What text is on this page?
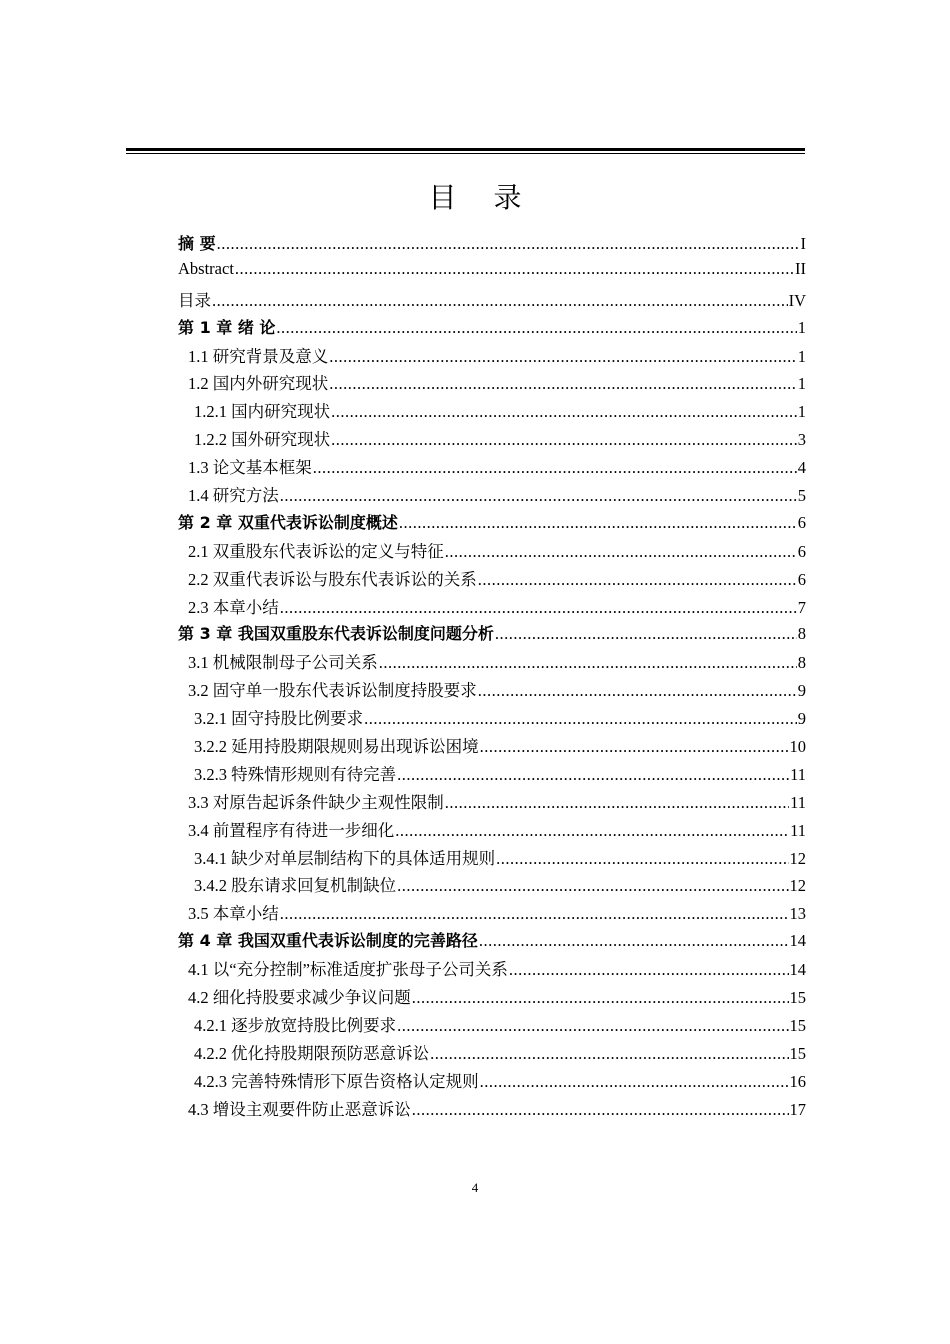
目 录
摘 要 .....	I
Abstract .....	II
目录 .....	IV
第 1 章 绪 论 .....	1
1.1 研究背景及意义 .....	1
1.2 国内外研究现状 .....	1
1.2.1 国内研究现状 .....	1
1.2.2 国外研究现状 .....	3
1.3 论文基本框架 .....	4
1.4 研究方法 .....	5
第 2 章 双重代表诉讼制度概述 .....	6
2.1 双重股东代表诉讼的定义与特征 .....	6
2.2 双重代表诉讼与股东代表诉讼的关系 .....	6
2.3 本章小结 .....	7
第 3 章 我国双重股东代表诉讼制度问题分析 .....	8
3.1 机械限制母子公司关系 .....	8
3.2 固守单一股东代表诉讼制度持股要求 .....	9
3.2.1 固守持股比例要求 .....	9
3.2.2 延用持股期限规则易出现诉讼困境 .....	10
3.2.3 特殊情形规则有待完善 .....	11
3.3 对原告起诉条件缺少主观性限制 .....	11
3.4 前置程序有待进一步细化 .....	11
3.4.1 缺少对单层制结构下的具体适用规则 .....	12
3.4.2 股东请求回复机制缺位 .....	12
3.5 本章小结 .....	13
第 4 章 我国双重代表诉讼制度的完善路径 .....	14
4.1 以“充分控制”标准适度扩张母子公司关系 .....	14
4.2 细化持股要求减少争议问题 .....	15
4.2.1 逐步放宽持股比例要求 .....	15
4.2.2 优化持股期限预防恶意诉讼 .....	15
4.2.3 完善特殊情形下原告资格认定规则 .....	16
4.3 增设主观要件防止恶意诉讼 .....	17
4
